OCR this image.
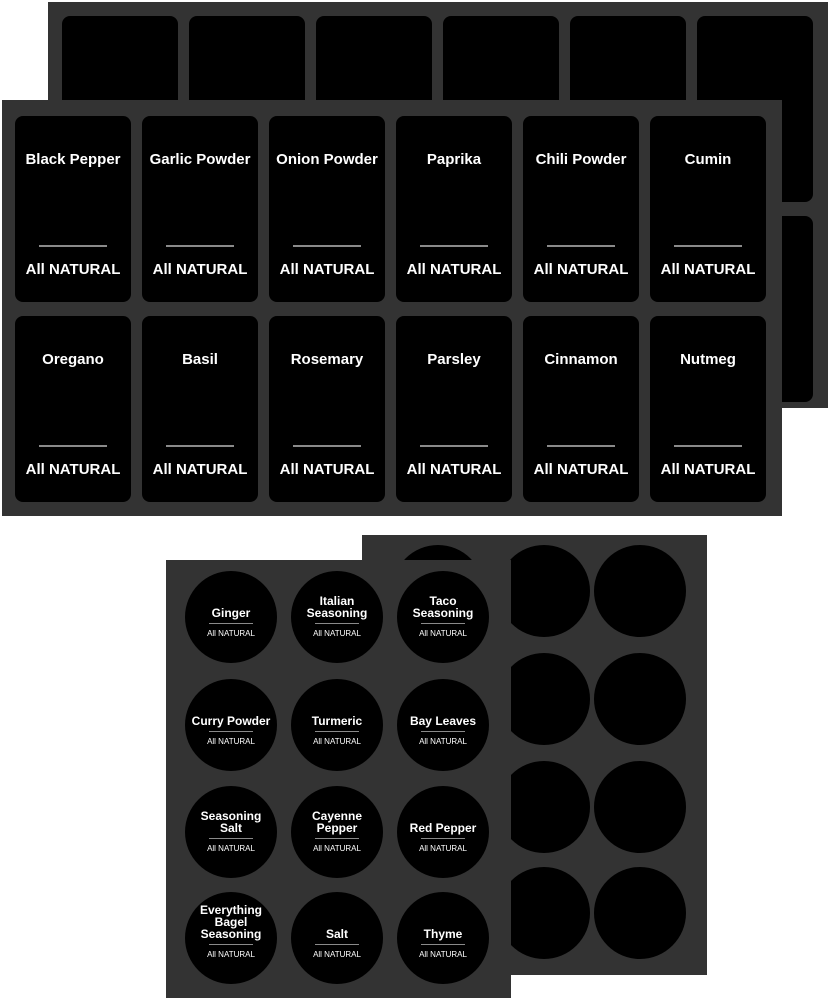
Black Pepper
All NATURAL
Garlic Powder
All NATURAL
Onion Powder
All NATURAL
Paprika
All NATURAL
Chili Powder
All NATURAL
Cumin
All NATURAL
Oregano
All NATURAL
Basil
All NATURAL
Rosemary
All NATURAL
Parsley
All NATURAL
Cinnamon
All NATURAL
Nutmeg
All NATURAL
Ginger
All NATURAL
Italian Seasoning
All NATURAL
Taco Seasoning
All NATURAL
Curry Powder
All NATURAL
Turmeric
All NATURAL
Bay Leaves
All NATURAL
Seasoning Salt
All NATURAL
Cayenne Pepper
All NATURAL
Red Pepper
All NATURAL
Everything Bagel Seasoning
All NATURAL
Salt
All NATURAL
Thyme
All NATURAL
